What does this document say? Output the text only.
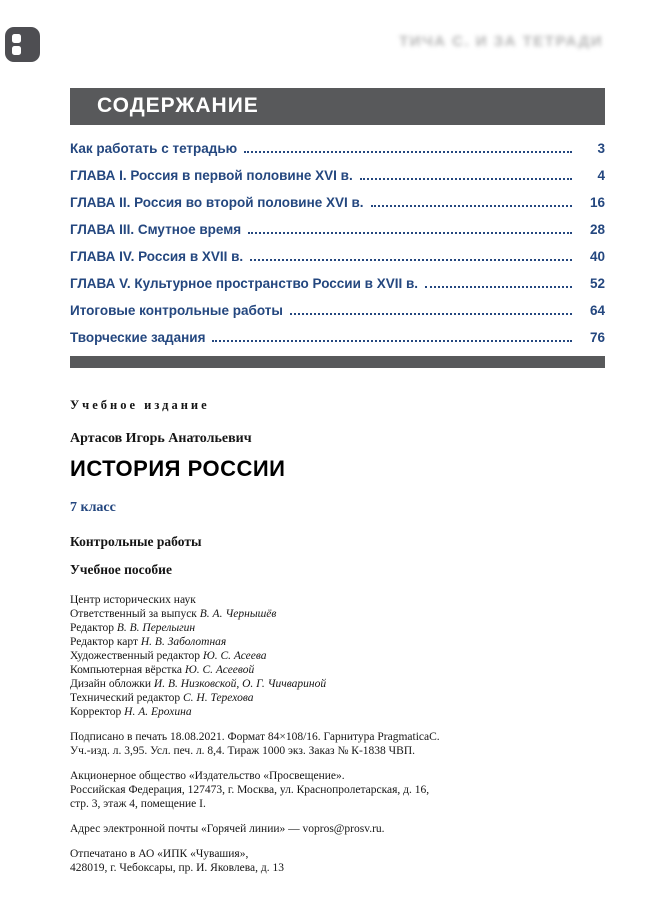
ТИЧА С. И ЗА ТЕТРАДИ
СОДЕРЖАНИЕ
Как работать с тетрадью	3
ГЛАВА I. Россия в первой половине XVI в.	4
ГЛАВА II. Россия во второй половине XVI в.	16
ГЛАВА III. Смутное время	28
ГЛАВА IV. Россия в XVII в.	40
ГЛАВА V. Культурное пространство России в XVII в.	52
Итоговые контрольные работы	64
Творческие задания	76
Учебное издание
Артасов Игорь Анатольевич
ИСТОРИЯ РОССИИ
7 класс
Контрольные работы
Учебное пособие
Центр исторических наук
Ответственный за выпуск В. А. Чернышёв
Редактор В. В. Перелыгин
Редактор карт Н. В. Заболотная
Художественный редактор Ю. С. Асеева
Компьютерная вёрстка Ю. С. Асеевой
Дизайн обложки И. В. Низковской, О. Г. Чичвариной
Технический редактор С. Н. Терехова
Корректор Н. А. Ерохина
Подписано в печать 18.08.2021. Формат 84×108/16. Гарнитура PragmaticaC.
Уч.-изд. л. 3,95. Усл. печ. л. 8,4. Тираж 1000 экз. Заказ № К-1838 ЧВП.
Акционерное общество «Издательство «Просвещение».
Российская Федерация, 127473, г. Москва, ул. Краснопролетарская, д. 16,
стр. 3, этаж 4, помещение I.
Адрес электронной почты «Горячей линии» — vopros@prosv.ru.
Отпечатано в АО «ИПК «Чувашия»,
428019, г. Чебоксары, пр. И. Яковлева, д. 13
